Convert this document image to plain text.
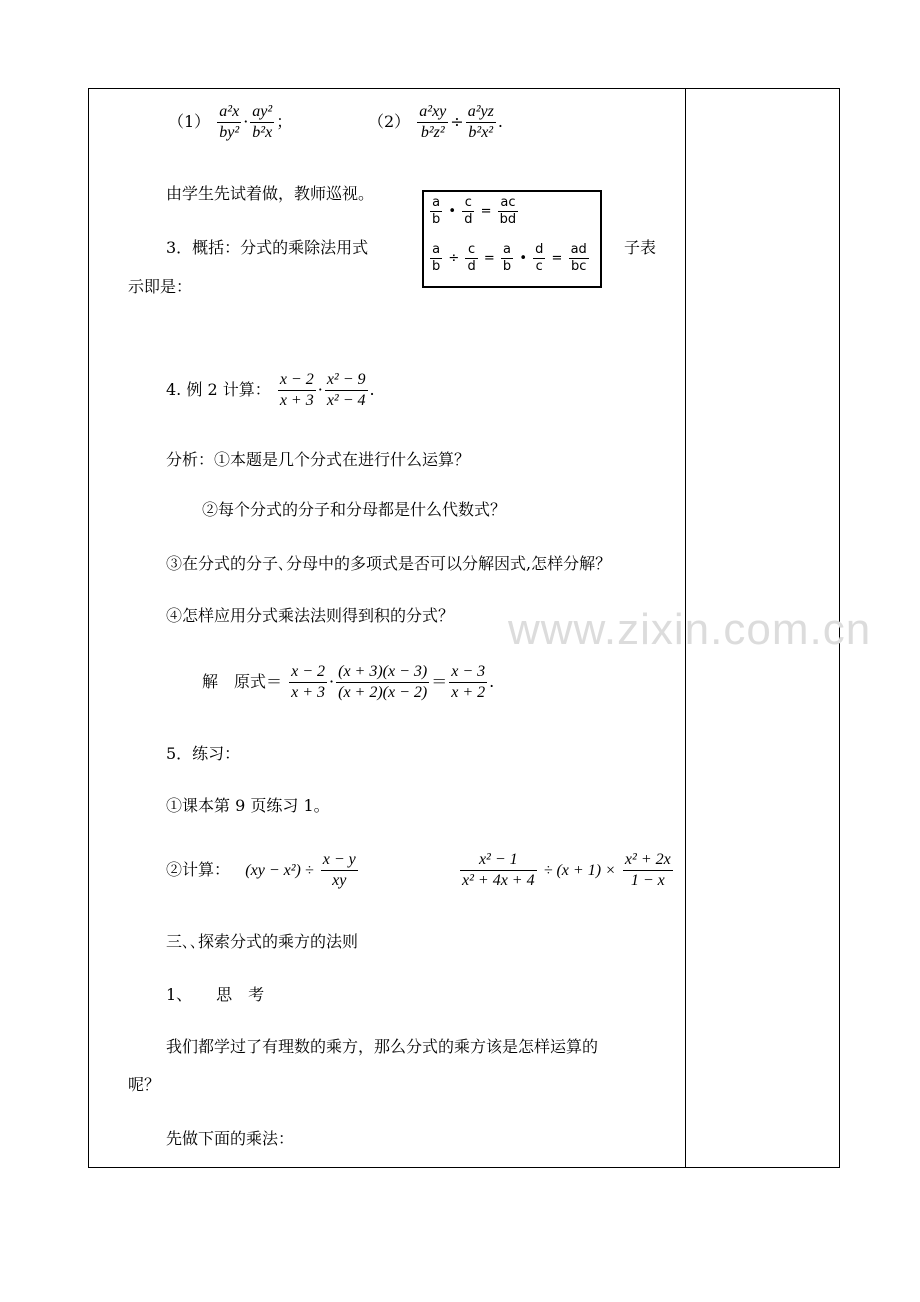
$(1) \frac{\text{a²x}}{\text{by²}} \cdot \frac{\text{ay²}}{\text{b²x}}$ ；	$(2) \frac{\text{a²xy}}{\text{b²z²}} \div \frac{\text{a²yz}}{\text{b²x²}}$ .
由学生先试着做，教师巡视。
3．概括：分式的乘除法用式	子表
示即是：
$\frac{a}{b}$ • $\frac{c}{d} = \frac{ac}{bd}$
$\frac{a}{b} \div \frac{c}{d} = \frac{a}{b}$ • $\frac{d}{c} = \frac{ad}{bc}$
4. 例 2 计算： $\frac{x - 2}{x + 3} \cdot \frac{\text{x² − 9}}{\text{x² − 4}}$ .
分析：①本题是几个分式在进行什么运算？
②每个分式的分子和分母都是什么代数式？
③在分式的分子､分母中的多项式是否可以分解因式,怎样分解？
④怎样应用分式乘法法则得到积的分式？
解　原式＝ $\frac{x - 2}{x + 3} \cdot \frac{(x + 3)(x - 3)}{(x + 2)(x - 2)} = \frac{x - 3}{x + 2}$ .
5．练习：
①课本第 9 页练习 1。
②计算： $(xy - x^2) \div \frac{x - y}{xy}$	$\frac{\text{x² − 1}}{\text{x² + 4x + 4}} \div (x + 1) \times \frac{\text{x² + 2x}}{1 - x}$
三､､探索分式的乘方的法则
1、　　思　考
我们都学过了有理数的乘方，那么分式的乘方该是怎样运算的
呢？
先做下面的乘法：
www.zixin.com.cn
